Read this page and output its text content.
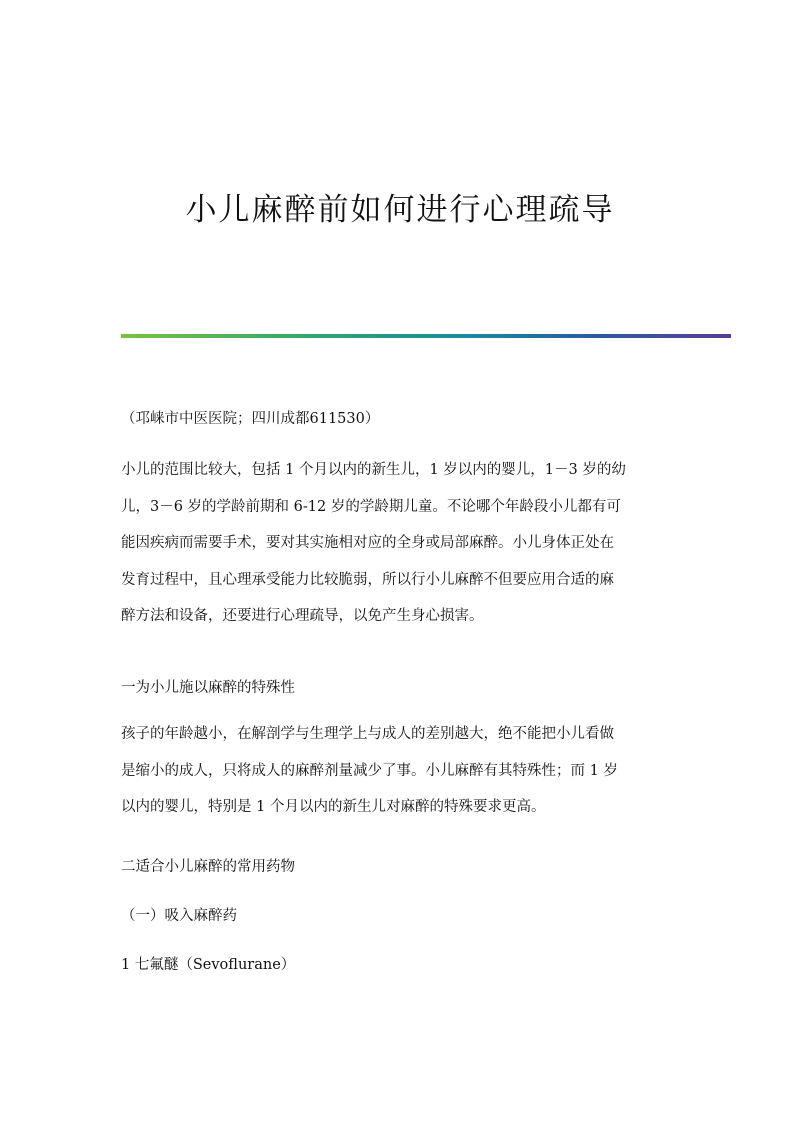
小儿麻醉前如何进行心理疏导

（邛崃市中医医院；四川成都611530）

小儿的范围比较大，包括 1 个月以内的新生儿，1 岁以内的婴儿，1－3 岁的幼
儿，3－6 岁的学龄前期和 6-12 岁的学龄期儿童。不论哪个年龄段小儿都有可
能因疾病而需要手术，要对其实施相对应的全身或局部麻醉。小儿身体正处在
发育过程中，且心理承受能力比较脆弱，所以行小儿麻醉不但要应用合适的麻
醉方法和设备，还要进行心理疏导，以免产生身心损害。

一为小儿施以麻醉的特殊性

孩子的年龄越小，在解剖学与生理学上与成人的差别越大，绝不能把小儿看做
是缩小的成人，只将成人的麻醉剂量减少了事。小儿麻醉有其特殊性；而 1 岁
以内的婴儿，特别是 1 个月以内的新生儿对麻醉的特殊要求更高。

二适合小儿麻醉的常用药物

（一）吸入麻醉药

1 七氟醚（Sevoflurane）
